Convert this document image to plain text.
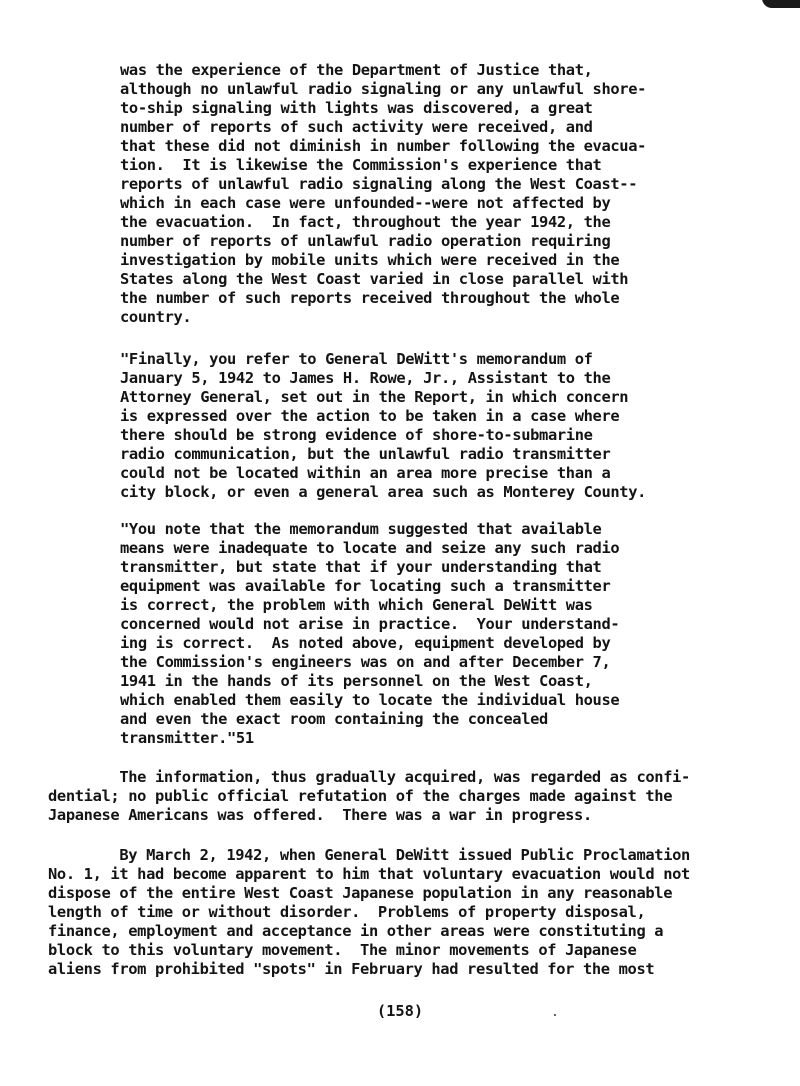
was the experience of the Department of Justice that,
although no unlawful radio signaling or any unlawful shore-
to-ship signaling with lights was discovered, a great
number of reports of such activity were received, and
that these did not diminish in number following the evacua-
tion.  It is likewise the Commission's experience that
reports of unlawful radio signaling along the West Coast--
which in each case were unfounded--were not affected by
the evacuation.  In fact, throughout the year 1942, the
number of reports of unlawful radio operation requiring
investigation by mobile units which were received in the
States along the West Coast varied in close parallel with
the number of such reports received throughout the whole
country.
"Finally, you refer to General DeWitt's memorandum of
January 5, 1942 to James H. Rowe, Jr., Assistant to the
Attorney General, set out in the Report, in which concern
is expressed over the action to be taken in a case where
there should be strong evidence of shore-to-submarine
radio communication, but the unlawful radio transmitter
could not be located within an area more precise than a
city block, or even a general area such as Monterey County.
"You note that the memorandum suggested that available
means were inadequate to locate and seize any such radio
transmitter, but state that if your understanding that
equipment was available for locating such a transmitter
is correct, the problem with which General DeWitt was
concerned would not arise in practice.  Your understand-
ing is correct.  As noted above, equipment developed by
the Commission's engineers was on and after December 7,
1941 in the hands of its personnel on the West Coast,
which enabled them easily to locate the individual house
and even the exact room containing the concealed
transmitter."51
The information, thus gradually acquired, was regarded as confi-
dential; no public official refutation of the charges made against the
Japanese Americans was offered.  There was a war in progress.
By March 2, 1942, when General DeWitt issued Public Proclamation
No. 1, it had become apparent to him that voluntary evacuation would not
dispose of the entire West Coast Japanese population in any reasonable
length of time or without disorder.  Problems of property disposal,
finance, employment and acceptance in other areas were constituting a
block to this voluntary movement.  The minor movements of Japanese
aliens from prohibited "spots" in February had resulted for the most
(158)
